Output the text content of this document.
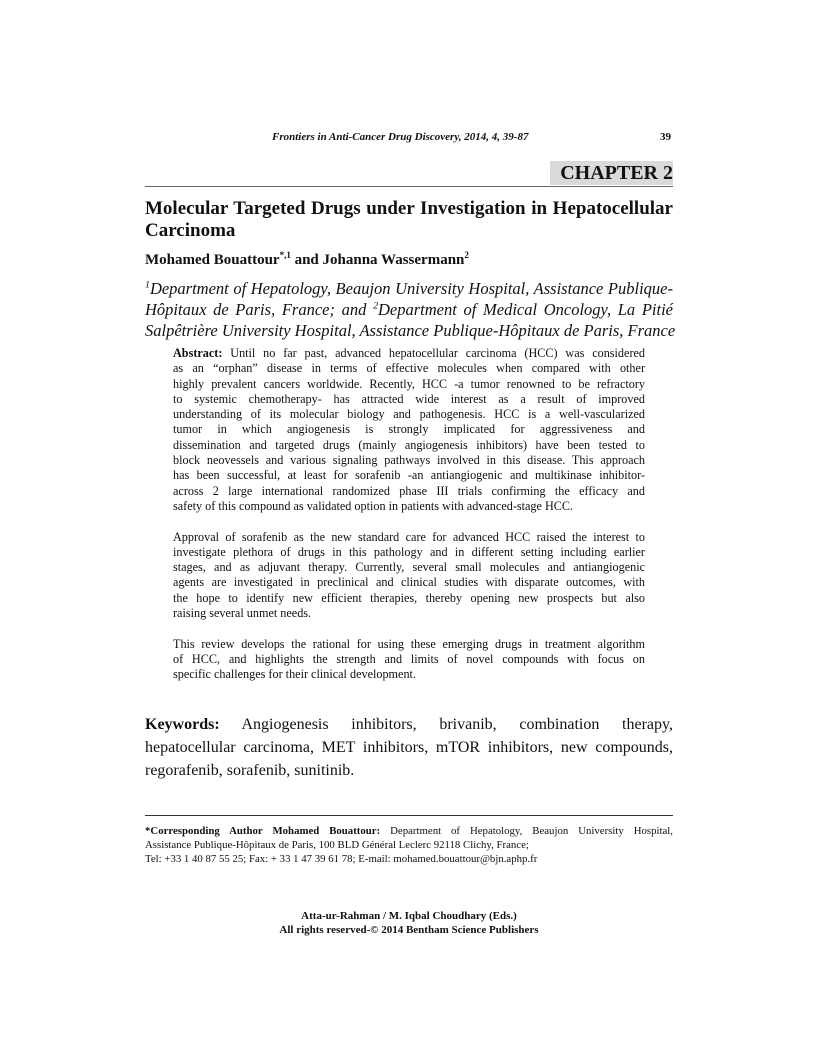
Frontiers in Anti-Cancer Drug Discovery, 2014, 4, 39-87	39
CHAPTER 2
Molecular Targeted Drugs under Investigation in Hepatocellular
Carcinoma
Mohamed Bouattour$^{*,1}$ and Johanna Wassermann$^2$
$^1$Department of Hepatology, Beaujon University Hospital, Assistance Publique-
Hôpitaux de Paris, France; and $^2$Department of Medical Oncology, La Pitié
Salpêtrière University Hospital, Assistance Publique-Hôpitaux de Paris, France
Abstract: Until no far past, advanced hepatocellular carcinoma (HCC) was considered
as an “orphan” disease in terms of effective molecules when compared with other
highly prevalent cancers worldwide. Recently, HCC -a tumor renowned to be refractory
to systemic chemotherapy- has attracted wide interest as a result of improved
understanding of its molecular biology and pathogenesis. HCC is a well-vascularized
tumor in which angiogenesis is strongly implicated for aggressiveness and
dissemination and targeted drugs (mainly angiogenesis inhibitors) have been tested to
block neovessels and various signaling pathways involved in this disease. This approach
has been successful, at least for sorafenib -an antiangiogenic and multikinase inhibitor-
across 2 large international randomized phase III trials confirming the efficacy and
safety of this compound as validated option in patients with advanced-stage HCC.
Approval of sorafenib as the new standard care for advanced HCC raised the interest to
investigate plethora of drugs in this pathology and in different setting including earlier
stages, and as adjuvant therapy. Currently, several small molecules and antiangiogenic
agents are investigated in preclinical and clinical studies with disparate outcomes, with
the hope to identify new efficient therapies, thereby opening new prospects but also
raising several unmet needs.
This review develops the rational for using these emerging drugs in treatment algorithm
of HCC, and highlights the strength and limits of novel compounds with focus on
specific challenges for their clinical development.
Keywords: Angiogenesis inhibitors, brivanib, combination therapy,
hepatocellular carcinoma, MET inhibitors, mTOR inhibitors, new compounds,
regorafenib, sorafenib, sunitinib.
*Corresponding Author Mohamed Bouattour: Department of Hepatology, Beaujon University Hospital,
Assistance Publique-Hôpitaux de Paris, 100 BLD Général Leclerc 92118 Clichy, France;
Tel: +33 1 40 87 55 25; Fax: + 33 1 47 39 61 78; E-mail: mohamed.bouattour@bjn.aphp.fr
Atta-ur-Rahman / M. Iqbal Choudhary (Eds.)
All rights reserved-© 2014 Bentham Science Publishers
